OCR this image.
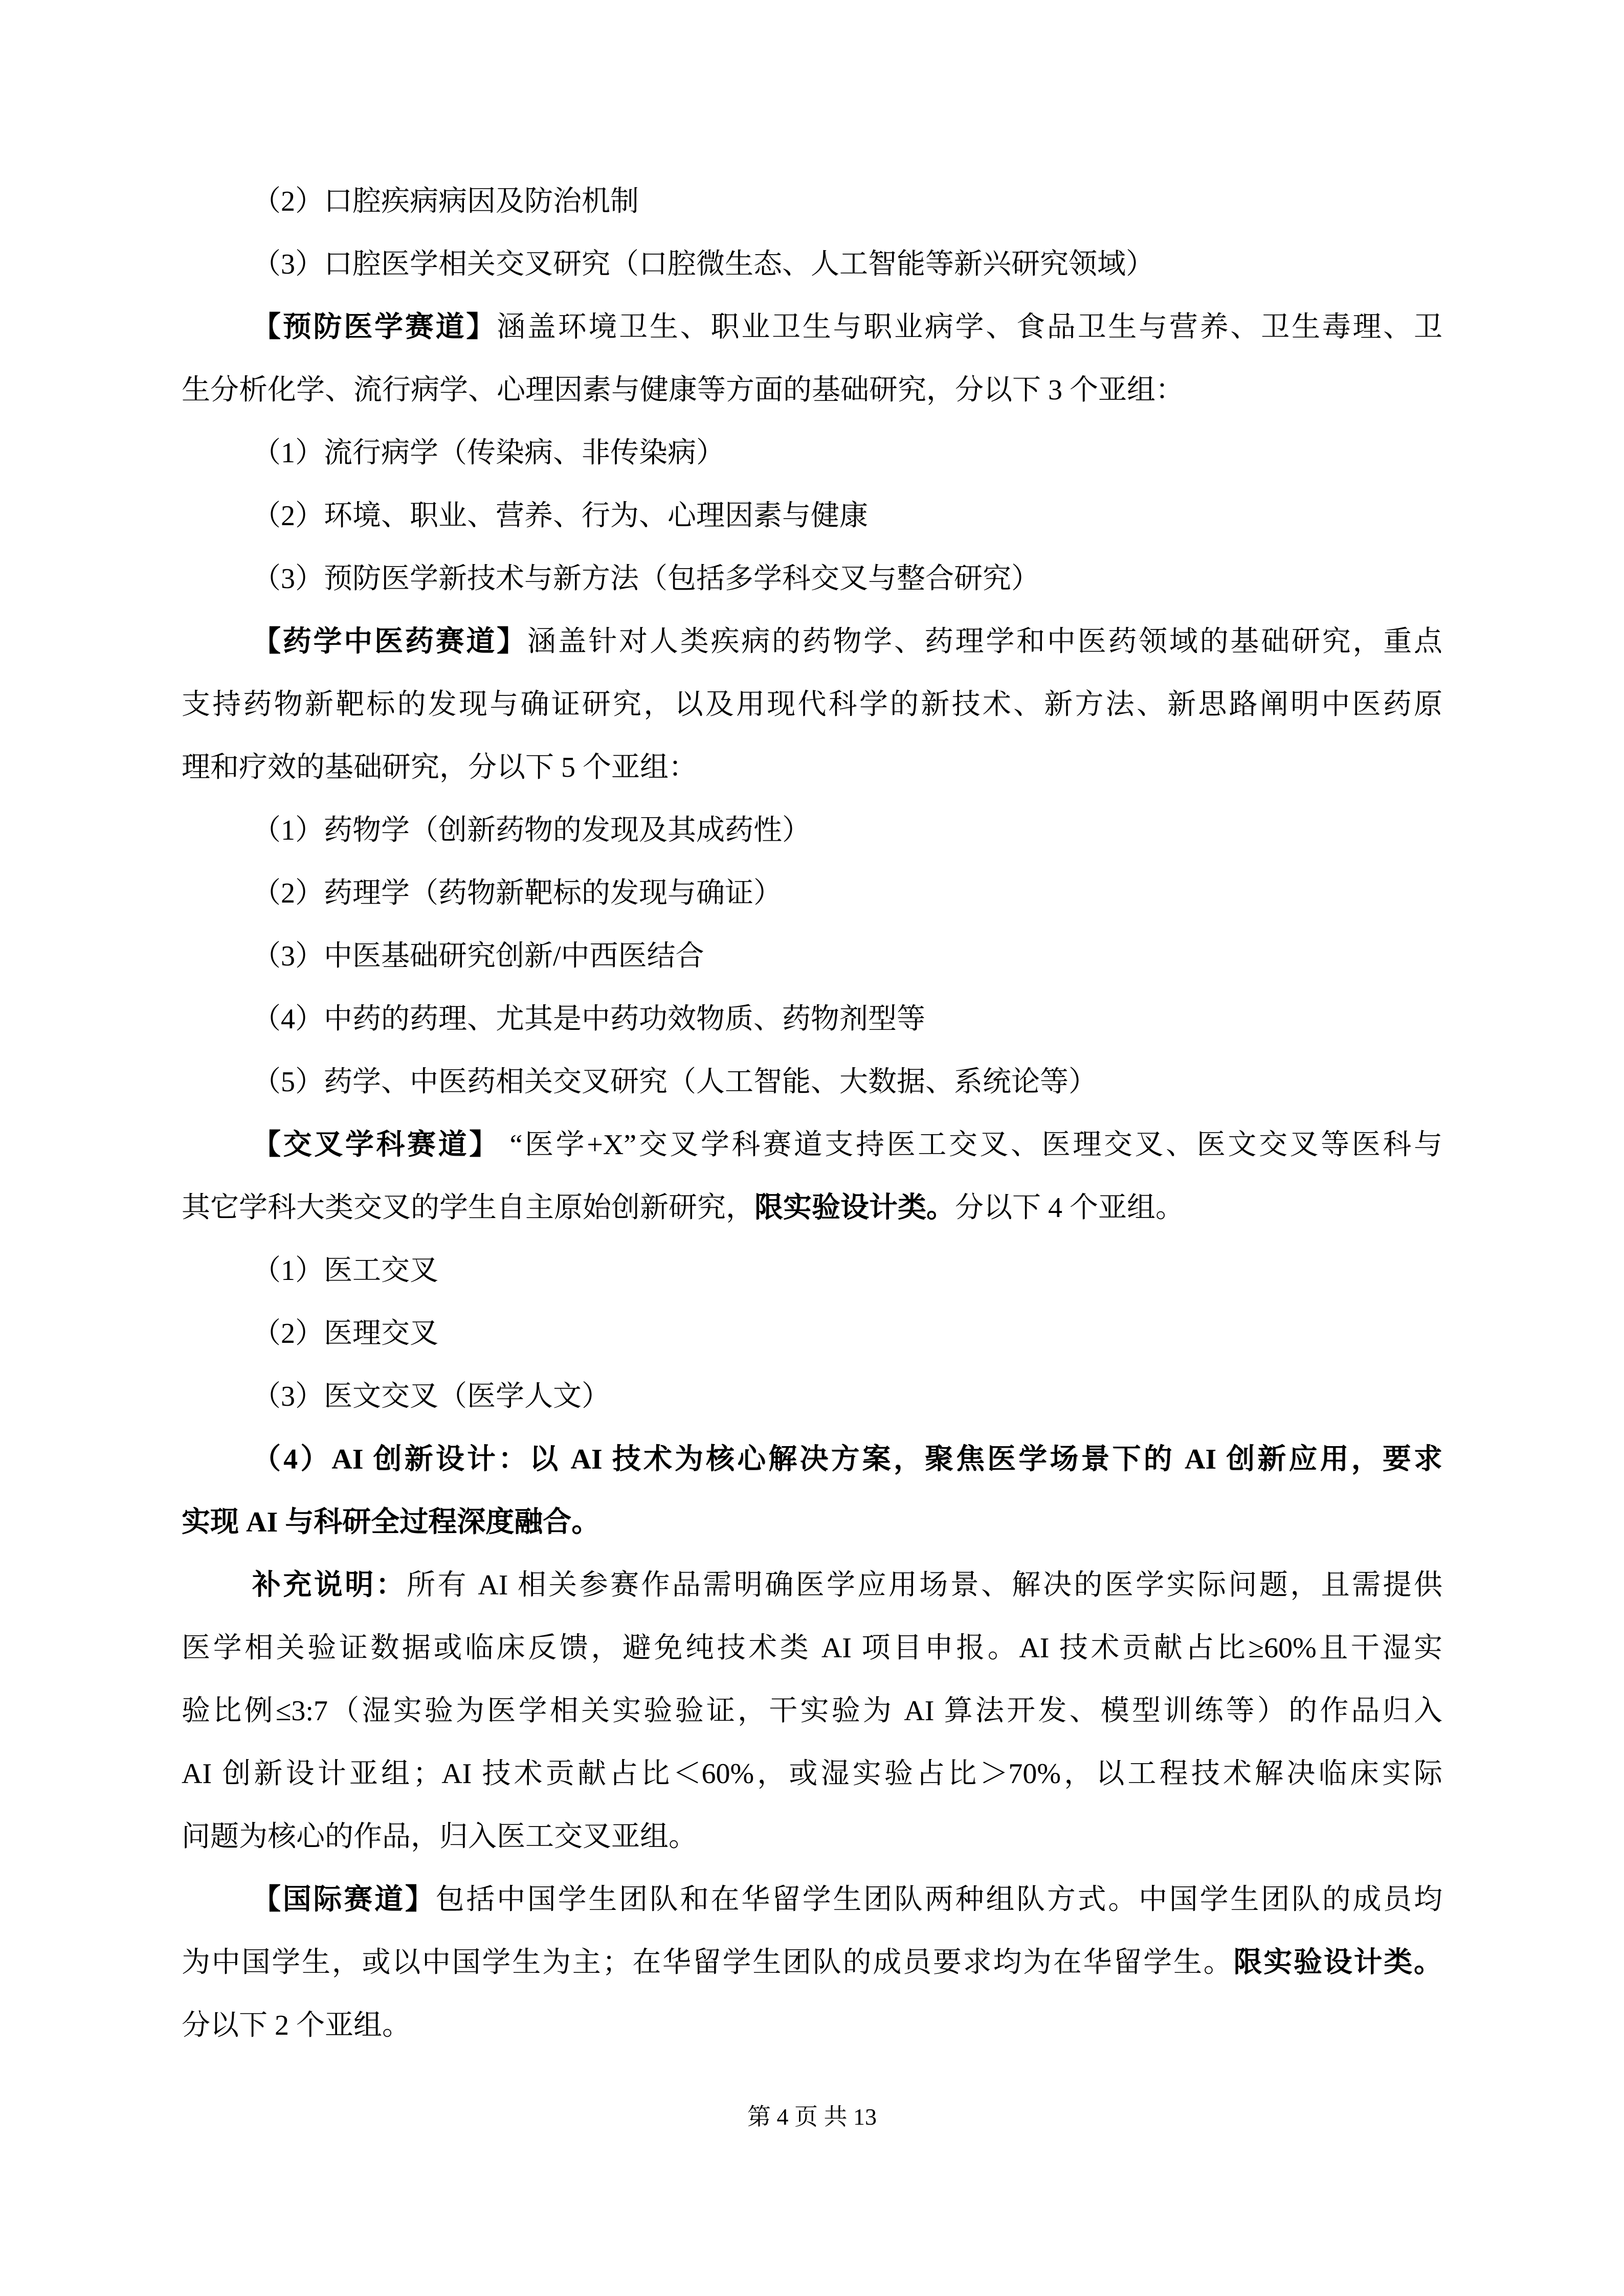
（2）口腔疾病病因及防治机制

（3）口腔医学相关交叉研究（口腔微生态、人工智能等新兴研究领域）

【预防医学赛道】涵盖环境卫生、职业卫生与职业病学、食品卫生与营养、卫生毒理、卫

生分析化学、流行病学、心理因素与健康等方面的基础研究，分以下 3 个亚组：

（1）流行病学（传染病、非传染病）

（2）环境、职业、营养、行为、心理因素与健康

（3）预防医学新技术与新方法（包括多学科交叉与整合研究）

【药学中医药赛道】涵盖针对人类疾病的药物学、药理学和中医药领域的基础研究，重点

支持药物新靶标的发现与确证研究，以及用现代科学的新技术、新方法、新思路阐明中医药原

理和疗效的基础研究，分以下 5 个亚组：

（1）药物学（创新药物的发现及其成药性）

（2）药理学（药物新靶标的发现与确证）

（3）中医基础研究创新/中西医结合

（4）中药的药理、尤其是中药功效物质、药物剂型等

（5）药学、中医药相关交叉研究（人工智能、大数据、系统论等）

【交叉学科赛道】 “医学+X”交叉学科赛道支持医工交叉、医理交叉、医文交叉等医科与

其它学科大类交叉的学生自主原始创新研究，限实验设计类。分以下 4 个亚组。

（1）医工交叉

（2）医理交叉

（3）医文交叉（医学人文）

（4）AI 创新设计：以 AI 技术为核心解决方案，聚焦医学场景下的 AI 创新应用，要求

实现 AI 与科研全过程深度融合。

补充说明：所有 AI 相关参赛作品需明确医学应用场景、解决的医学实际问题，且需提供

医学相关验证数据或临床反馈，避免纯技术类 AI 项目申报。AI 技术贡献占比≥60%且干湿实

验比例≤3:7（湿实验为医学相关实验验证，干实验为 AI 算法开发、模型训练等）的作品归入

AI 创新设计亚组；AI 技术贡献占比＜60%，或湿实验占比＞70%，以工程技术解决临床实际

问题为核心的作品，归入医工交叉亚组。

【国际赛道】包括中国学生团队和在华留学生团队两种组队方式。中国学生团队的成员均

为中国学生，或以中国学生为主；在华留学生团队的成员要求均为在华留学生。限实验设计类。

分以下 2 个亚组。

第 4 页 共 13
